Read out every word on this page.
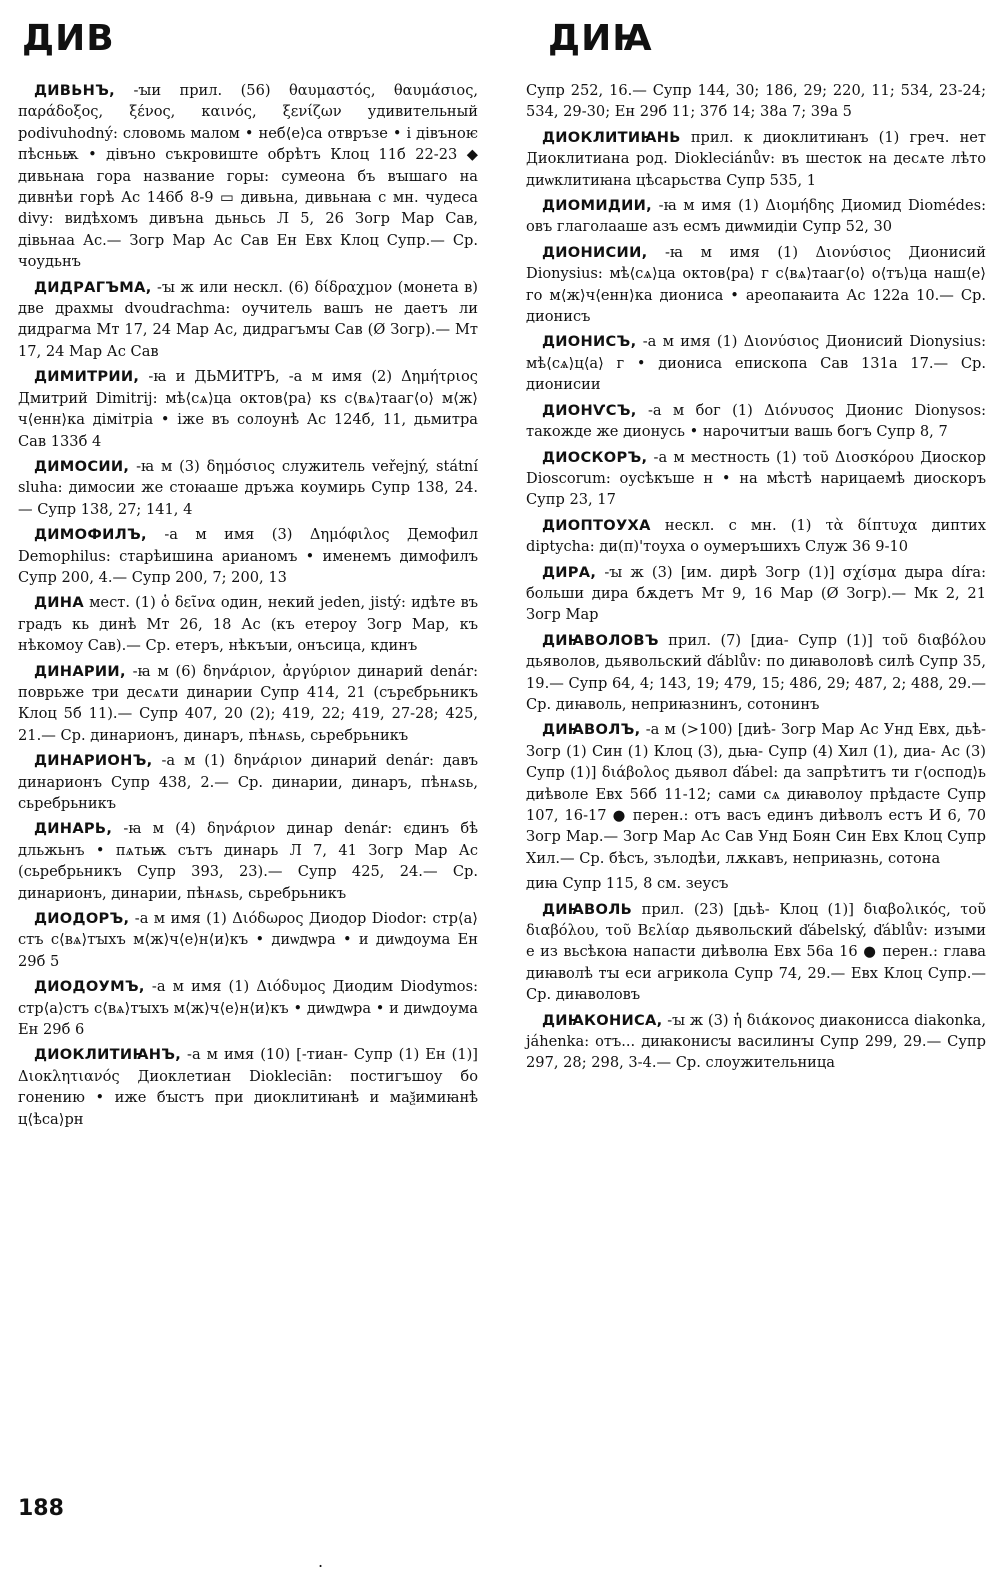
ДИВ	ДИꙖ

ДИВЬНЪ, -ꙑи прил. (56) θαυμαστός, θαυμάσιος, παράδοξος, ξένος, καινός, ξενίζων удивительный podivuhodný: словомь малом • неб⟨е⟩са отвръзе • і дівъноѥ пѣсньѭ • дівъно съкровиште обрѣтъ Клоц 11б 22-23 ◆ дивьнаꙗ гора название горы: сумеона бъ вꙑшаго на дивнѣи горѣ Ас 146б 8-9 ▭ дивьна, дивьнаꙗ с мн. чудеса divy: видѣхомъ дивъна дьньсь Л 5, 26 Зогр Мар Сав, дівьнаа Ас.— Зогр Мар Ас Сав Ен Евх Клоц Супр.— Ср. чоудьнъ

ДИДРАГЪМА, -ꙑ ж или нескл. (6) δίδραχμον (монета в) две драхмы dvoudrachma: оучитель вашъ не даетъ ли дидрагма Мт 17, 24 Мар Ас, дидрагъмꙑ Сав (Ø Зогр).— Мт 17, 24 Мар Ас Сав

ДИМИТРИИ, -ꙗ и ДЬМИТРЪ, -а м имя (2) Δημήτριος Дмитрий Dimitrij: мѣ⟨сѧ⟩ца октов⟨ра⟩ кѕ с⟨вѧ⟩тааг⟨о⟩ м⟨ж⟩ч⟨енн⟩ка дімітріа • іже въ солоунѣ Ас 124б, 11, дьмитра Сав 133б 4

ДИМОСИИ, -ꙗ м (3) δημόσιος служитель veřejný, státní sluha: димосии же стоꙗаше дръжа коумирь Супр 138, 24.— Супр 138, 27; 141, 4

ДИМОФИЛЪ, -а м имя (3) Δημόφιλος Демофил Demophilus: старѣишина арианомъ • именемъ димофилъ Супр 200, 4.— Супр 200, 7; 200, 13

ДИНА мест. (1) ὁ δεῖνα один, некий jeden, jistý: идѣте въ градъ кь динѣ Мт 26, 18 Ас (къ етероу Зогр Мар, къ нѣкомоу Сав).— Ср. етеръ, нѣкъꙑи, онъсица, кдинъ

ДИНАРИИ, -ꙗ м (6) δηνάριον, ἀργύριον динарий denár: поврьже три десѧти динарии Супр 414, 21 (сърєбрьникъ Клоц 5б 11).— Супр 407, 20 (2); 419, 22; 419, 27-28; 425, 21.— Ср. динарионъ, динаръ, пѣнѧѕь, сьребрьникъ

ДИНАРИОНЪ, -а м (1) δηνάριον динарий denár: давъ динарионъ Супр 438, 2.— Ср. динарии, динаръ, пѣнѧѕь, сьребрьникъ

ДИНАРЬ, -ꙗ м (4) δηνάριον динар denár: єдинъ бѣ дльжьнъ • пѧтьѭ сътъ динарь Л 7, 41 Зогр Мар Ас (сьребрьникъ Супр 393, 23).— Супр 425, 24.— Ср. динарионъ, динарии, пѣнѧѕь, сьребрьникъ

ДИОДОРЪ, -а м имя (1) Διόδωρος Диодор Diodor: стр⟨а⟩стъ с⟨вѧ⟩тꙑхъ м⟨ж⟩ч⟨е⟩н⟨и⟩къ • диѡдѡра • и диѡдоума Ен 29б 5

ДИОДОУМЪ, -а м имя (1) Διόδυμος Диодим Diodymos: стр⟨а⟩стъ с⟨вѧ⟩тꙑхъ м⟨ж⟩ч⟨е⟩н⟨и⟩къ • диѡдѡра • и диѡдоума Ен 29б 6

ДИОКЛИТИꙖНЪ, -а м имя (10) [-тиан- Супр (1) Ен (1)] Διοκλητιανός Диоклетиан Diokleciān: постигъшоу бо гонению • иже бꙑстъ при диоклитиꙗнѣ и маѯимиꙗнѣ ц⟨ѣса⟩рн

Супр 252, 16.— Супр 144, 30; 186, 29; 220, 11; 534, 23-24; 534, 29-30; Ен 29б 11; 37б 14; 38а 7; 39а 5

ДИОКЛИТИꙖНЬ прил. к диоклитиꙗнъ (1) греч. нет Диоклитиана род. Diokleciánův: въ шесток на десѧте лѣто диѡклитиꙗна цѣсарьства Супр 535, 1

ДИОМИДИИ, -ꙗ м имя (1) Διομήδης Диомид Diomédes: овъ глаголааше азъ есмъ диѡмидіи Супр 52, 30

ДИОНИСИИ, -ꙗ м имя (1) Διονύσιος Дионисий Dionysius: мѣ⟨сѧ⟩ца октов⟨ра⟩ г с⟨вѧ⟩тааг⟨о⟩ о⟨тъ⟩ца наш⟨е⟩го м⟨ж⟩ч⟨енн⟩ка диониса • ареопаꙗита Ас 122а 10.— Ср. дионисъ

ДИОНИСЪ, -а м имя (1) Διονύσιος Дионисий Dionysius: мѣ⟨сѧ⟩ц⟨а⟩ г • дионисa епископа Сав 131а 17.— Ср. дионисии

ДИОНѴСЪ, -а м бог (1) Διόνυσος Дионис Dionysos: такожде же дионусь • нарочитꙑи вашь богъ Супр 8, 7

ДИОСКОРЪ, -а м местность (1) τοῦ Διοσκόρου Диоскор Dioscorum: оусѣкъше н • на мѣстѣ нарицаемѣ диоскоръ Супр 23, 17

ДИОПТОУХА нескл. с мн. (1) τὰ δίπτυχα диптих diptycha: ди(п)'тоуха о оумеръшихъ Служ 36 9-10

ДИРА, -ꙑ ж (3) [им. дирѣ Зогр (1)] σχίσμα дыра díra: больши дира бѫдетъ Мт 9, 16 Мар (Ø Зогр).— Мк 2, 21 Зогр Мар

ДИꙖВОЛОВЪ прил. (7) [диа- Супр (1)] τοῦ διαβόλου дьяволов, дьявольский ďáblův: по диꙗволовѣ силѣ Супр 35, 19.— Супр 64, 4; 143, 19; 479, 15; 486, 29; 487, 2; 488, 29.— Ср. диꙗволь, неприꙗзнинъ, сотонинъ

ДИꙖВОЛЪ, -а м (>100) [диѣ- Зогр Мар Ас Унд Евх, дьѣ- Зогр (1) Син (1) Клоц (3), дьꙗ- Супр (4) Хил (1), диа- Ас (3) Супр (1)] διάβολος дьявол ďábel: да запрѣтитъ ти г⟨оспод⟩ь диѣволе Евх 56б 11-12; сами сѧ диꙗволоу прѣдасте Супр 107, 16-17 ● перен.: отъ васъ единъ диѣволъ естъ И 6, 70 Зогр Мар.— Зогр Мар Ас Сав Унд Боян Син Евх Клоц Супр Хил.— Ср. бѣсъ, зълодѣи, лѫкавъ, неприꙗзнь, сотона

диꙗ Супр 115, 8 см. зеусъ

ДИꙖВОЛЬ прил. (23) [дьѣ- Клоц (1)] διαβολικός, τοῦ διαβόλου, τοῦ Βελίαρ дьявольский ďábelský, ďáblův: изꙑми е из вьсѣкоꙗ напасти диѣволꙗ Евх 56а 16 ● перен.: глава диꙗволѣ тꙑ еси агрикола Супр 74, 29.— Евх Клоц Супр.— Ср. диꙗволовъ

ДИꙖКОНИСА, -ꙑ ж (3) ἡ διάκονος диаконисса diakonka, jáhenka: отъ... диꙗконисꙑ василинꙑ Супр 299, 29.— Супр 297, 28; 298, 3-4.— Ср. слоужительница

188
.
